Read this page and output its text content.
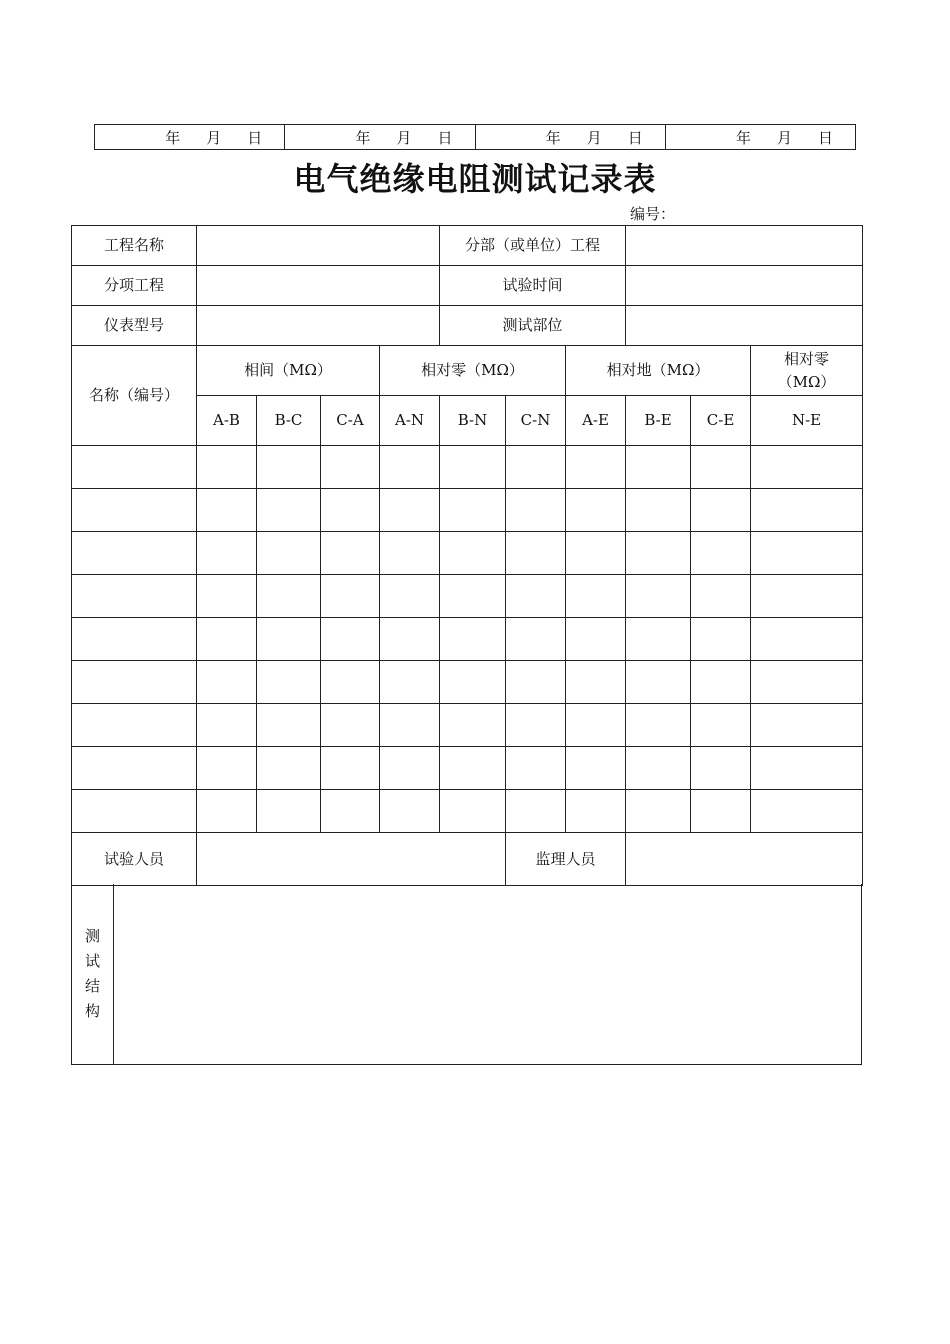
年 月 日	年 月 日	年 月 日	年 月 日
电气绝缘电阻测试记录表
编号：
工程名称					分部（或单位）工程					
分项工程					试验时间					
仪表型号					测试部位					
名称（编号）	相间（MΩ）			相对零（MΩ）			相对地（MΩ）			相对零
（MΩ）

	A-B	B-C	C-A	A-N	B-N	C-N	A-E	B-E	C-E	N-E

试验人员						监理人员				
测
试
结
构
